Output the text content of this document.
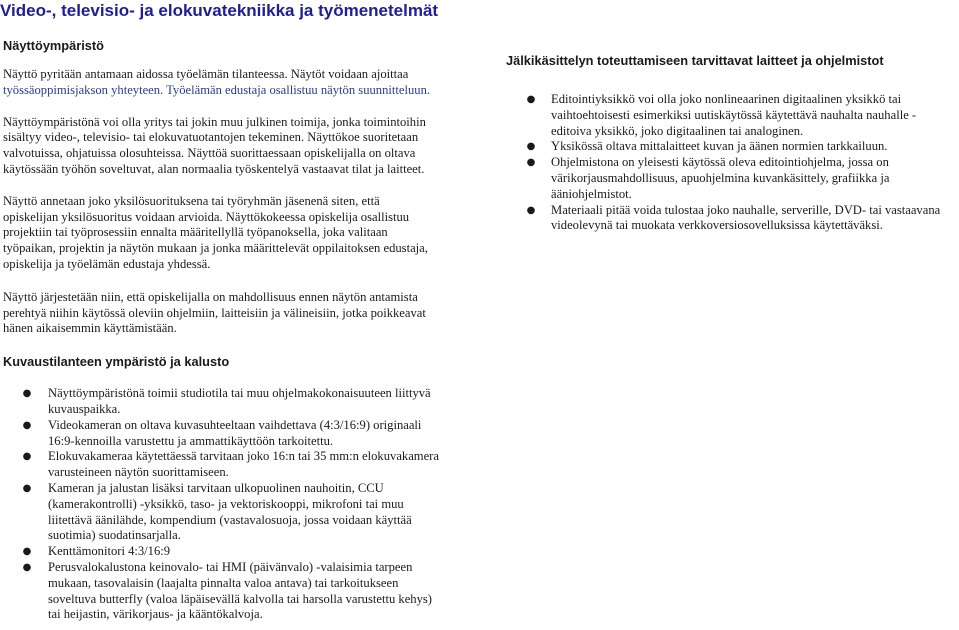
Video-, televisio- ja elokuvatekniikka ja työmenetelmät

Näyttöympäristö

Näyttö pyritään antamaan aidossa työelämän tilanteessa. Näytöt voidaan ajoittaa
työssäoppimisjakson yhteyteen. Työelämän edustaja osallistuu näytön suunnitteluun.
Näyttöympäristönä voi olla yritys tai jokin muu julkinen toimija, jonka toimintoihin
sisältyy video-, televisio- tai elokuvatuotantojen tekeminen. Näyttökoe suoritetaan
valvotuissa, ohjatuissa olosuhteissa. Näyttöä suorittaessaan opiskelijalla on oltava
käytössään työhön soveltuvat, alan normaalia työskentelyä vastaavat tilat ja laitteet.
Näyttö annetaan joko yksilösuorituksena tai työryhmän jäsenenä siten, että
opiskelijan yksilösuoritus voidaan arvioida. Näyttökokeessa opiskelija osallistuu
projektiin tai työprosessiin ennalta määritellyllä työpanoksella, joka valitaan
työpaikan, projektin ja näytön mukaan ja jonka määrittelevät oppilaitoksen edustaja,
opiskelija ja työelämän edustaja yhdessä.
Näyttö järjestetään niin, että opiskelijalla on mahdollisuus ennen näytön antamista
perehtyä niihin käytössä oleviin ohjelmiin, laitteisiin ja välineisiin, jotka poikkeavat
hänen aikaisemmin käyttämistään.

Kuvaustilanteen ympäristö ja kalusto

● Näyttöympäristönä toimii studiotila tai muu ohjelmakokonaisuuteen liittyvä
kuvauspaikka.
● Videokameran on oltava kuvasuhteeltaan vaihdettava (4:3/16:9) originaali
16:9-kennoilla varustettu ja ammattikäyttöön tarkoitettu.
● Elokuvakameraa käytettäessä tarvitaan joko 16:n tai 35 mm:n elokuvakamera
varusteineen näytön suorittamiseen.
● Kameran ja jalustan lisäksi tarvitaan ulkopuolinen nauhoitin, CCU
(kamerakontrolli) -yksikkö, taso- ja vektoriskooppi, mikrofoni tai muu
liitettävä äänilähde, kompendium (vastavalosuoja, jossa voidaan käyttää
suotimia) suodatinsarjalla.
● Kenttämonitori 4:3/16:9
● Perusvalokalustona keinovalo- tai HMI (päivänvalo) -valaisimia tarpeen
mukaan, tasovalaisin (laajalta pinnalta valoa antava) tai tarkoitukseen
soveltuva butterfly (valoa läpäisevällä kalvolla tai harsolla varustettu kehys)
tai heijastin, värikorjaus- ja kääntökalvoja.

Jälkikäsittelyn toteuttamiseen tarvittavat laitteet ja ohjelmistot

● Editointiyksikkö voi olla joko nonlineaarinen digitaalinen yksikkö tai
vaihtoehtoisesti esimerkiksi uutiskäytössä käytettävä nauhalta nauhalle -
editoiva yksikkö, joko digitaalinen tai analoginen.
● Yksikössä oltava mittalaitteet kuvan ja äänen normien tarkkailuun.
● Ohjelmistona on yleisesti käytössä oleva editointiohjelma, jossa on
värikorjausmahdollisuus, apuohjelmina kuvankäsittely, grafiikka ja
ääniohjelmistot.
● Materiaali pitää voida tulostaa joko nauhalle, serverille, DVD- tai vastaavana
videolevynä tai muokata verkkoversiosovelluksissa käytettäväksi.
